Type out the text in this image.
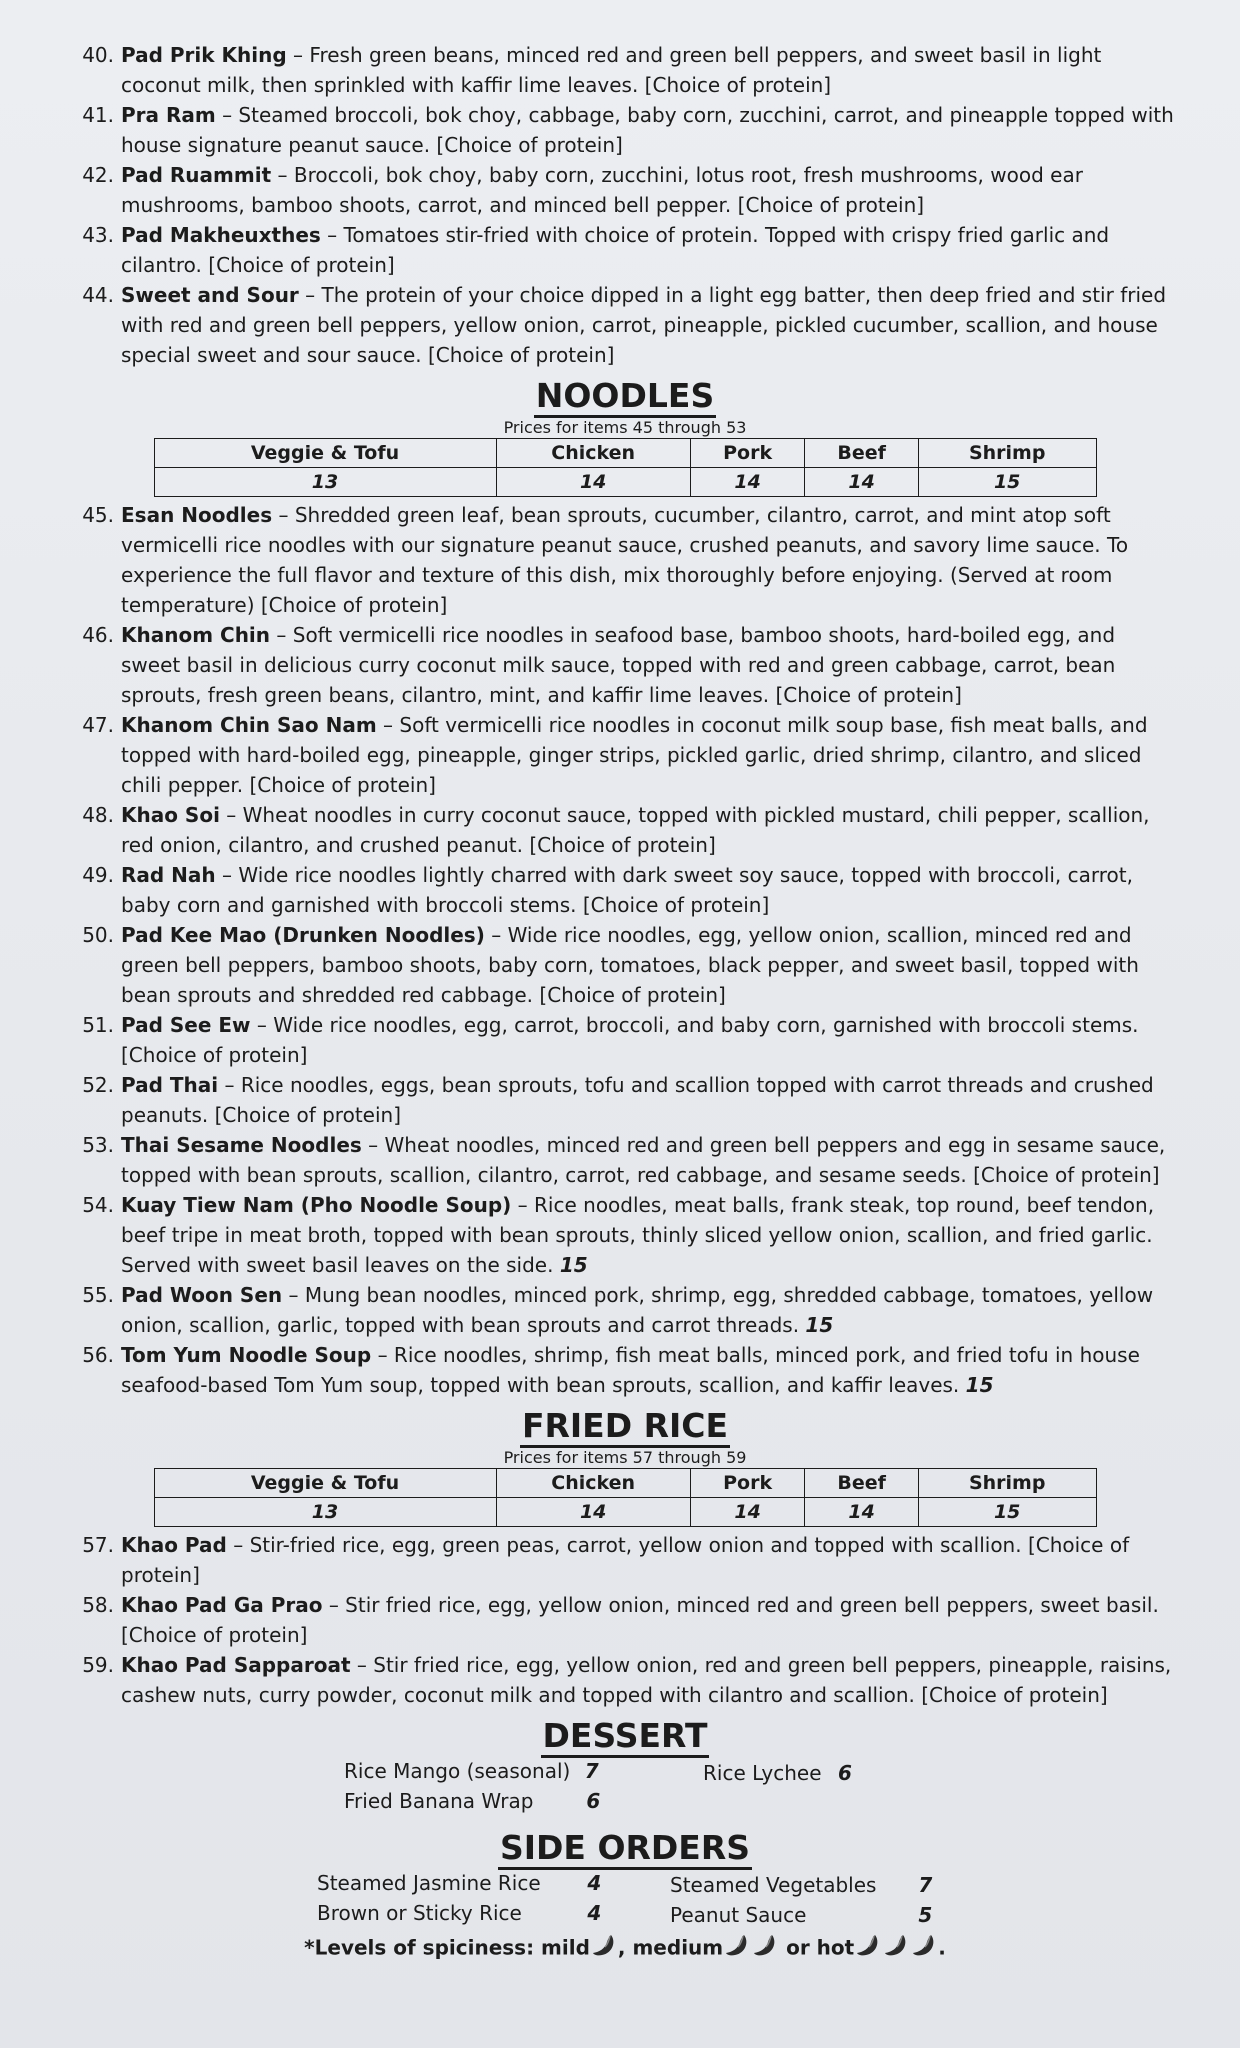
40. Pad Prik Khing – Fresh green beans, minced red and green bell peppers, and sweet basil in light coconut milk, then sprinkled with kaffir lime leaves. [Choice of protein]
41. Pra Ram – Steamed broccoli, bok choy, cabbage, baby corn, zucchini, carrot, and pineapple topped with house signature peanut sauce. [Choice of protein]
42. Pad Ruammit – Broccoli, bok choy, baby corn, zucchini, lotus root, fresh mushrooms, wood ear mushrooms, bamboo shoots, carrot, and minced bell pepper. [Choice of protein]
43. Pad Makheuxthes – Tomatoes stir-fried with choice of protein. Topped with crispy fried garlic and cilantro. [Choice of protein]
44. Sweet and Sour – The protein of your choice dipped in a light egg batter, then deep fried and stir fried with red and green bell peppers, yellow onion, carrot, pineapple, pickled cucumber, scallion, and house special sweet and sour sauce. [Choice of protein]
NOODLES
Prices for items 45 through 53
Veggie & Tofu	Chicken	Pork	Beef	Shrimp
13	14	14	14	15
45. Esan Noodles – Shredded green leaf, bean sprouts, cucumber, cilantro, carrot, and mint atop soft vermicelli rice noodles with our signature peanut sauce, crushed peanuts, and savory lime sauce. To experience the full flavor and texture of this dish, mix thoroughly before enjoying. (Served at room temperature) [Choice of protein]
46. Khanom Chin – Soft vermicelli rice noodles in seafood base, bamboo shoots, hard-boiled egg, and sweet basil in delicious curry coconut milk sauce, topped with red and green cabbage, carrot, bean sprouts, fresh green beans, cilantro, mint, and kaffir lime leaves. [Choice of protein]
47. Khanom Chin Sao Nam – Soft vermicelli rice noodles in coconut milk soup base, fish meat balls, and topped with hard-boiled egg, pineapple, ginger strips, pickled garlic, dried shrimp, cilantro, and sliced chili pepper. [Choice of protein]
48. Khao Soi – Wheat noodles in curry coconut sauce, topped with pickled mustard, chili pepper, scallion, red onion, cilantro, and crushed peanut. [Choice of protein]
49. Rad Nah – Wide rice noodles lightly charred with dark sweet soy sauce, topped with broccoli, carrot, baby corn and garnished with broccoli stems. [Choice of protein]
50. Pad Kee Mao (Drunken Noodles) – Wide rice noodles, egg, yellow onion, scallion, minced red and green bell peppers, bamboo shoots, baby corn, tomatoes, black pepper, and sweet basil, topped with bean sprouts and shredded red cabbage. [Choice of protein]
51. Pad See Ew – Wide rice noodles, egg, carrot, broccoli, and baby corn, garnished with broccoli stems. [Choice of protein]
52. Pad Thai – Rice noodles, eggs, bean sprouts, tofu and scallion topped with carrot threads and crushed peanuts. [Choice of protein]
53. Thai Sesame Noodles – Wheat noodles, minced red and green bell peppers and egg in sesame sauce, topped with bean sprouts, scallion, cilantro, carrot, red cabbage, and sesame seeds. [Choice of protein]
54. Kuay Tiew Nam (Pho Noodle Soup) – Rice noodles, meat balls, frank steak, top round, beef tendon, beef tripe in meat broth, topped with bean sprouts, thinly sliced yellow onion, scallion, and fried garlic. Served with sweet basil leaves on the side. 15
55. Pad Woon Sen – Mung bean noodles, minced pork, shrimp, egg, shredded cabbage, tomatoes, yellow onion, scallion, garlic, topped with bean sprouts and carrot threads. 15
56. Tom Yum Noodle Soup – Rice noodles, shrimp, fish meat balls, minced pork, and fried tofu in house seafood-based Tom Yum soup, topped with bean sprouts, scallion, and kaffir leaves. 15
FRIED RICE
Prices for items 57 through 59
Veggie & Tofu	Chicken	Pork	Beef	Shrimp
13	14	14	14	15
57. Khao Pad – Stir-fried rice, egg, green peas, carrot, yellow onion and topped with scallion. [Choice of protein]
58. Khao Pad Ga Prao – Stir fried rice, egg, yellow onion, minced red and green bell peppers, sweet basil. [Choice of protein]
59. Khao Pad Sapparoat – Stir fried rice, egg, yellow onion, red and green bell peppers, pineapple, raisins, cashew nuts, curry powder, coconut milk and topped with cilantro and scallion. [Choice of protein]
DESSERT
Rice Mango (seasonal) 7
Fried Banana Wrap	6
Rice Lychee 6
SIDE ORDERS
Steamed Jasmine Rice 4
Brown or Sticky Rice	4
Steamed Vegetables 7
Peanut Sauce	5
*Levels of spiciness: mild , medium	or hot	.
